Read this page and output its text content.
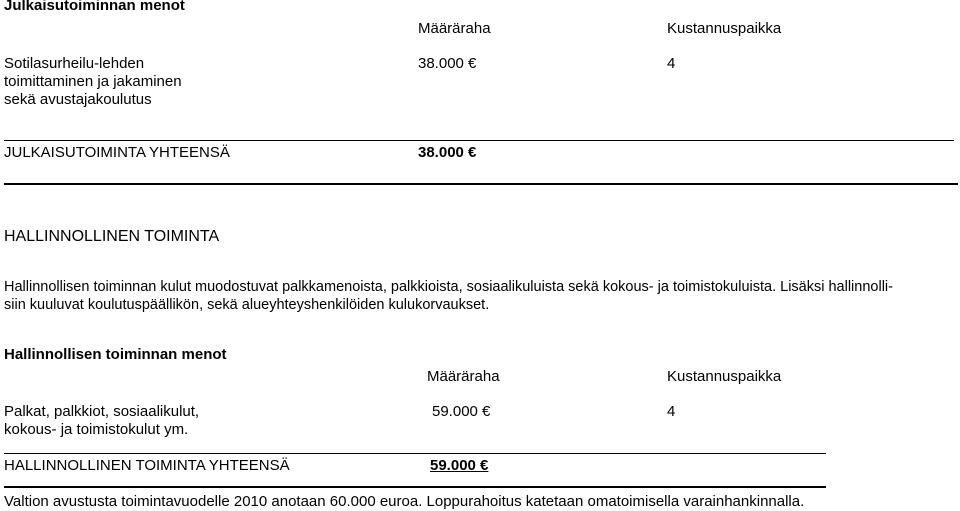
Julkaisutoiminnan menot
Määräraha	Kustannuspaikka
Sotilasurheilu-lehden
toimittaminen ja jakaminen
sekä avustajakoulutus
38.000 €	4
JULKAISUTOIMINTA YHTEENSÄ	38.000 €
HALLINNOLLINEN TOIMINTA
Hallinnollisen toiminnan kulut muodostuvat palkkamenoista, palkkioista, sosiaalikuluista sekä kokous- ja toimistokuluista. Lisäksi hallinnolli-
siin kuuluvat koulutuspäällikön, sekä alueyhteyshenkilöiden kulukorvaukset.
Hallinnollisen toiminnan menot
Määräraha	Kustannuspaikka
Palkat, palkkiot, sosiaalikulut,
kokous- ja toimistokulut ym.
59.000 €	4
HALLINNOLLINEN TOIMINTA YHTEENSÄ	59.000 €
Valtion avustusta toimintavuodelle 2010 anotaan 60.000 euroa. Loppurahoitus katetaan omatoimisella varainhankinnalla.
